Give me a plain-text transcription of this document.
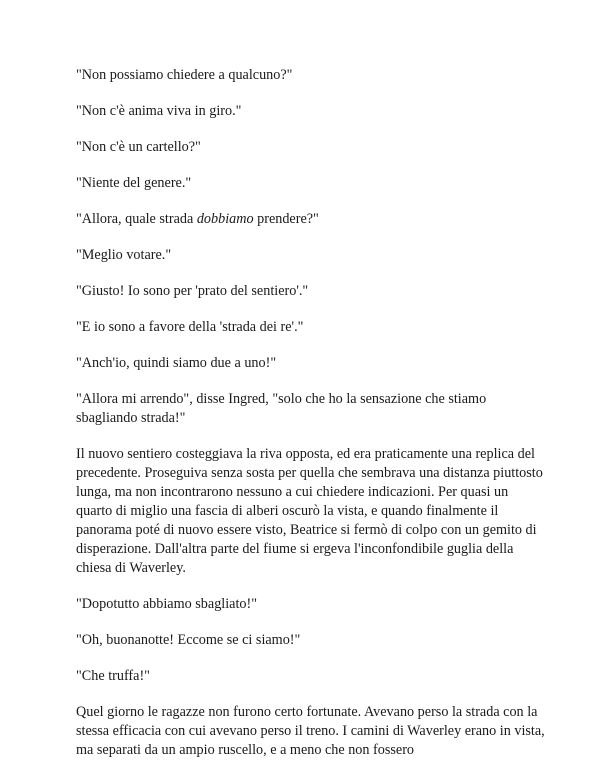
"Non possiamo chiedere a qualcuno?"

"Non c'è anima viva in giro."

"Non c'è un cartello?"

"Niente del genere."

"Allora, quale strada dobbiamo prendere?"

"Meglio votare."

"Giusto! Io sono per 'prato del sentiero'."

"E io sono a favore della 'strada dei re'."

"Anch'io, quindi siamo due a uno!"

"Allora mi arrendo", disse Ingred, "solo che ho la sensazione che stiamo sbagliando strada!"

Il nuovo sentiero costeggiava la riva opposta, ed era praticamente una replica del precedente. Proseguiva senza sosta per quella che sembrava una distanza piuttosto lunga, ma non incontrarono nessuno a cui chiedere indicazioni. Per quasi un quarto di miglio una fascia di alberi oscurò la vista, e quando finalmente il panorama poté di nuovo essere visto, Beatrice si fermò di colpo con un gemito di disperazione. Dall'altra parte del fiume si ergeva l'inconfondibile guglia della chiesa di Waverley.

"Dopotutto abbiamo sbagliato!"

"Oh, buonanotte! Eccome se ci siamo!"

"Che truffa!"

Quel giorno le ragazze non furono certo fortunate. Avevano perso la strada con la stessa efficacia con cui avevano perso il treno. I camini di Waverley erano in vista, ma separati da un ampio ruscello, e a meno che non fossero
